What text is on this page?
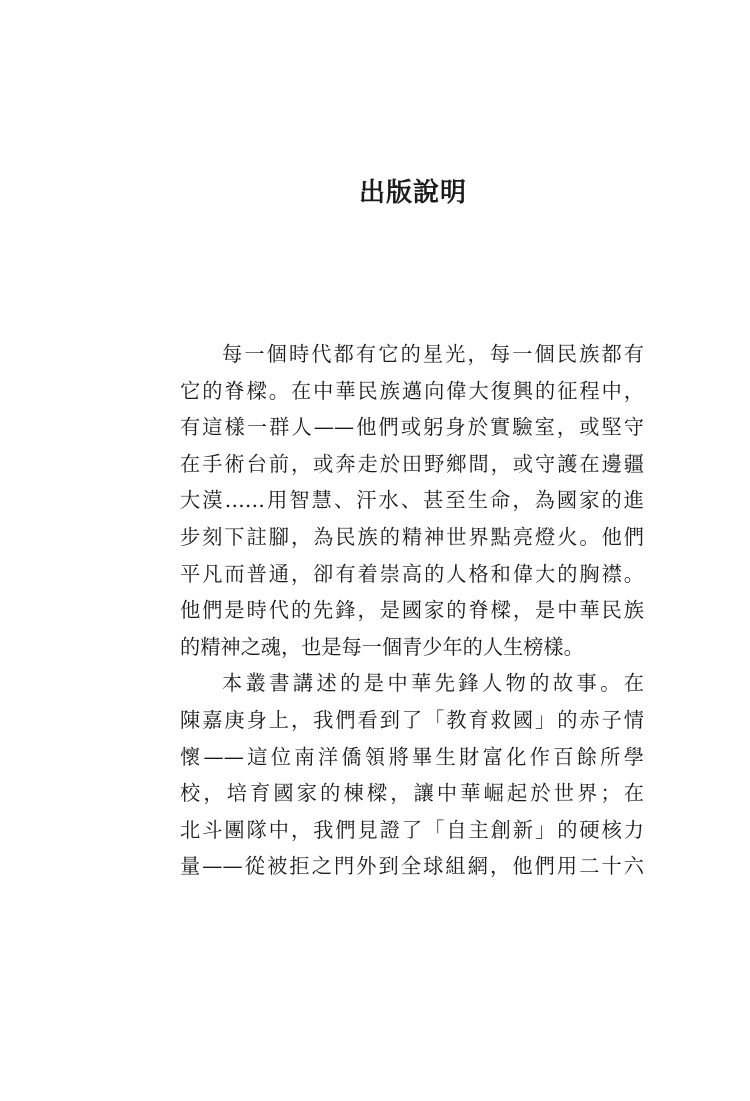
出版說明
每一個時代都有它的星光，每一個民族都有
它的脊樑。在中華民族邁向偉大復興的征程中，
有這樣一群人——他們或躬身於實驗室，或堅守
在手術台前，或奔走於田野鄉間，或守護在邊疆
大漠……用智慧、汗水、甚至生命，為國家的進
步刻下註腳，為民族的精神世界點亮燈火。他們
平凡而普通，卻有着崇高的人格和偉大的胸襟。
他們是時代的先鋒，是國家的脊樑，是中華民族
的精神之魂，也是每一個青少年的人生榜樣。
本叢書講述的是中華先鋒人物的故事。在
陳嘉庚身上，我們看到了「教育救國」的赤子情
懷——這位南洋僑領將畢生財富化作百餘所學
校，培育國家的棟樑，讓中華崛起於世界；在
北斗團隊中，我們見證了「自主創新」的硬核力
量——從被拒之門外到全球組網，他們用二十六
